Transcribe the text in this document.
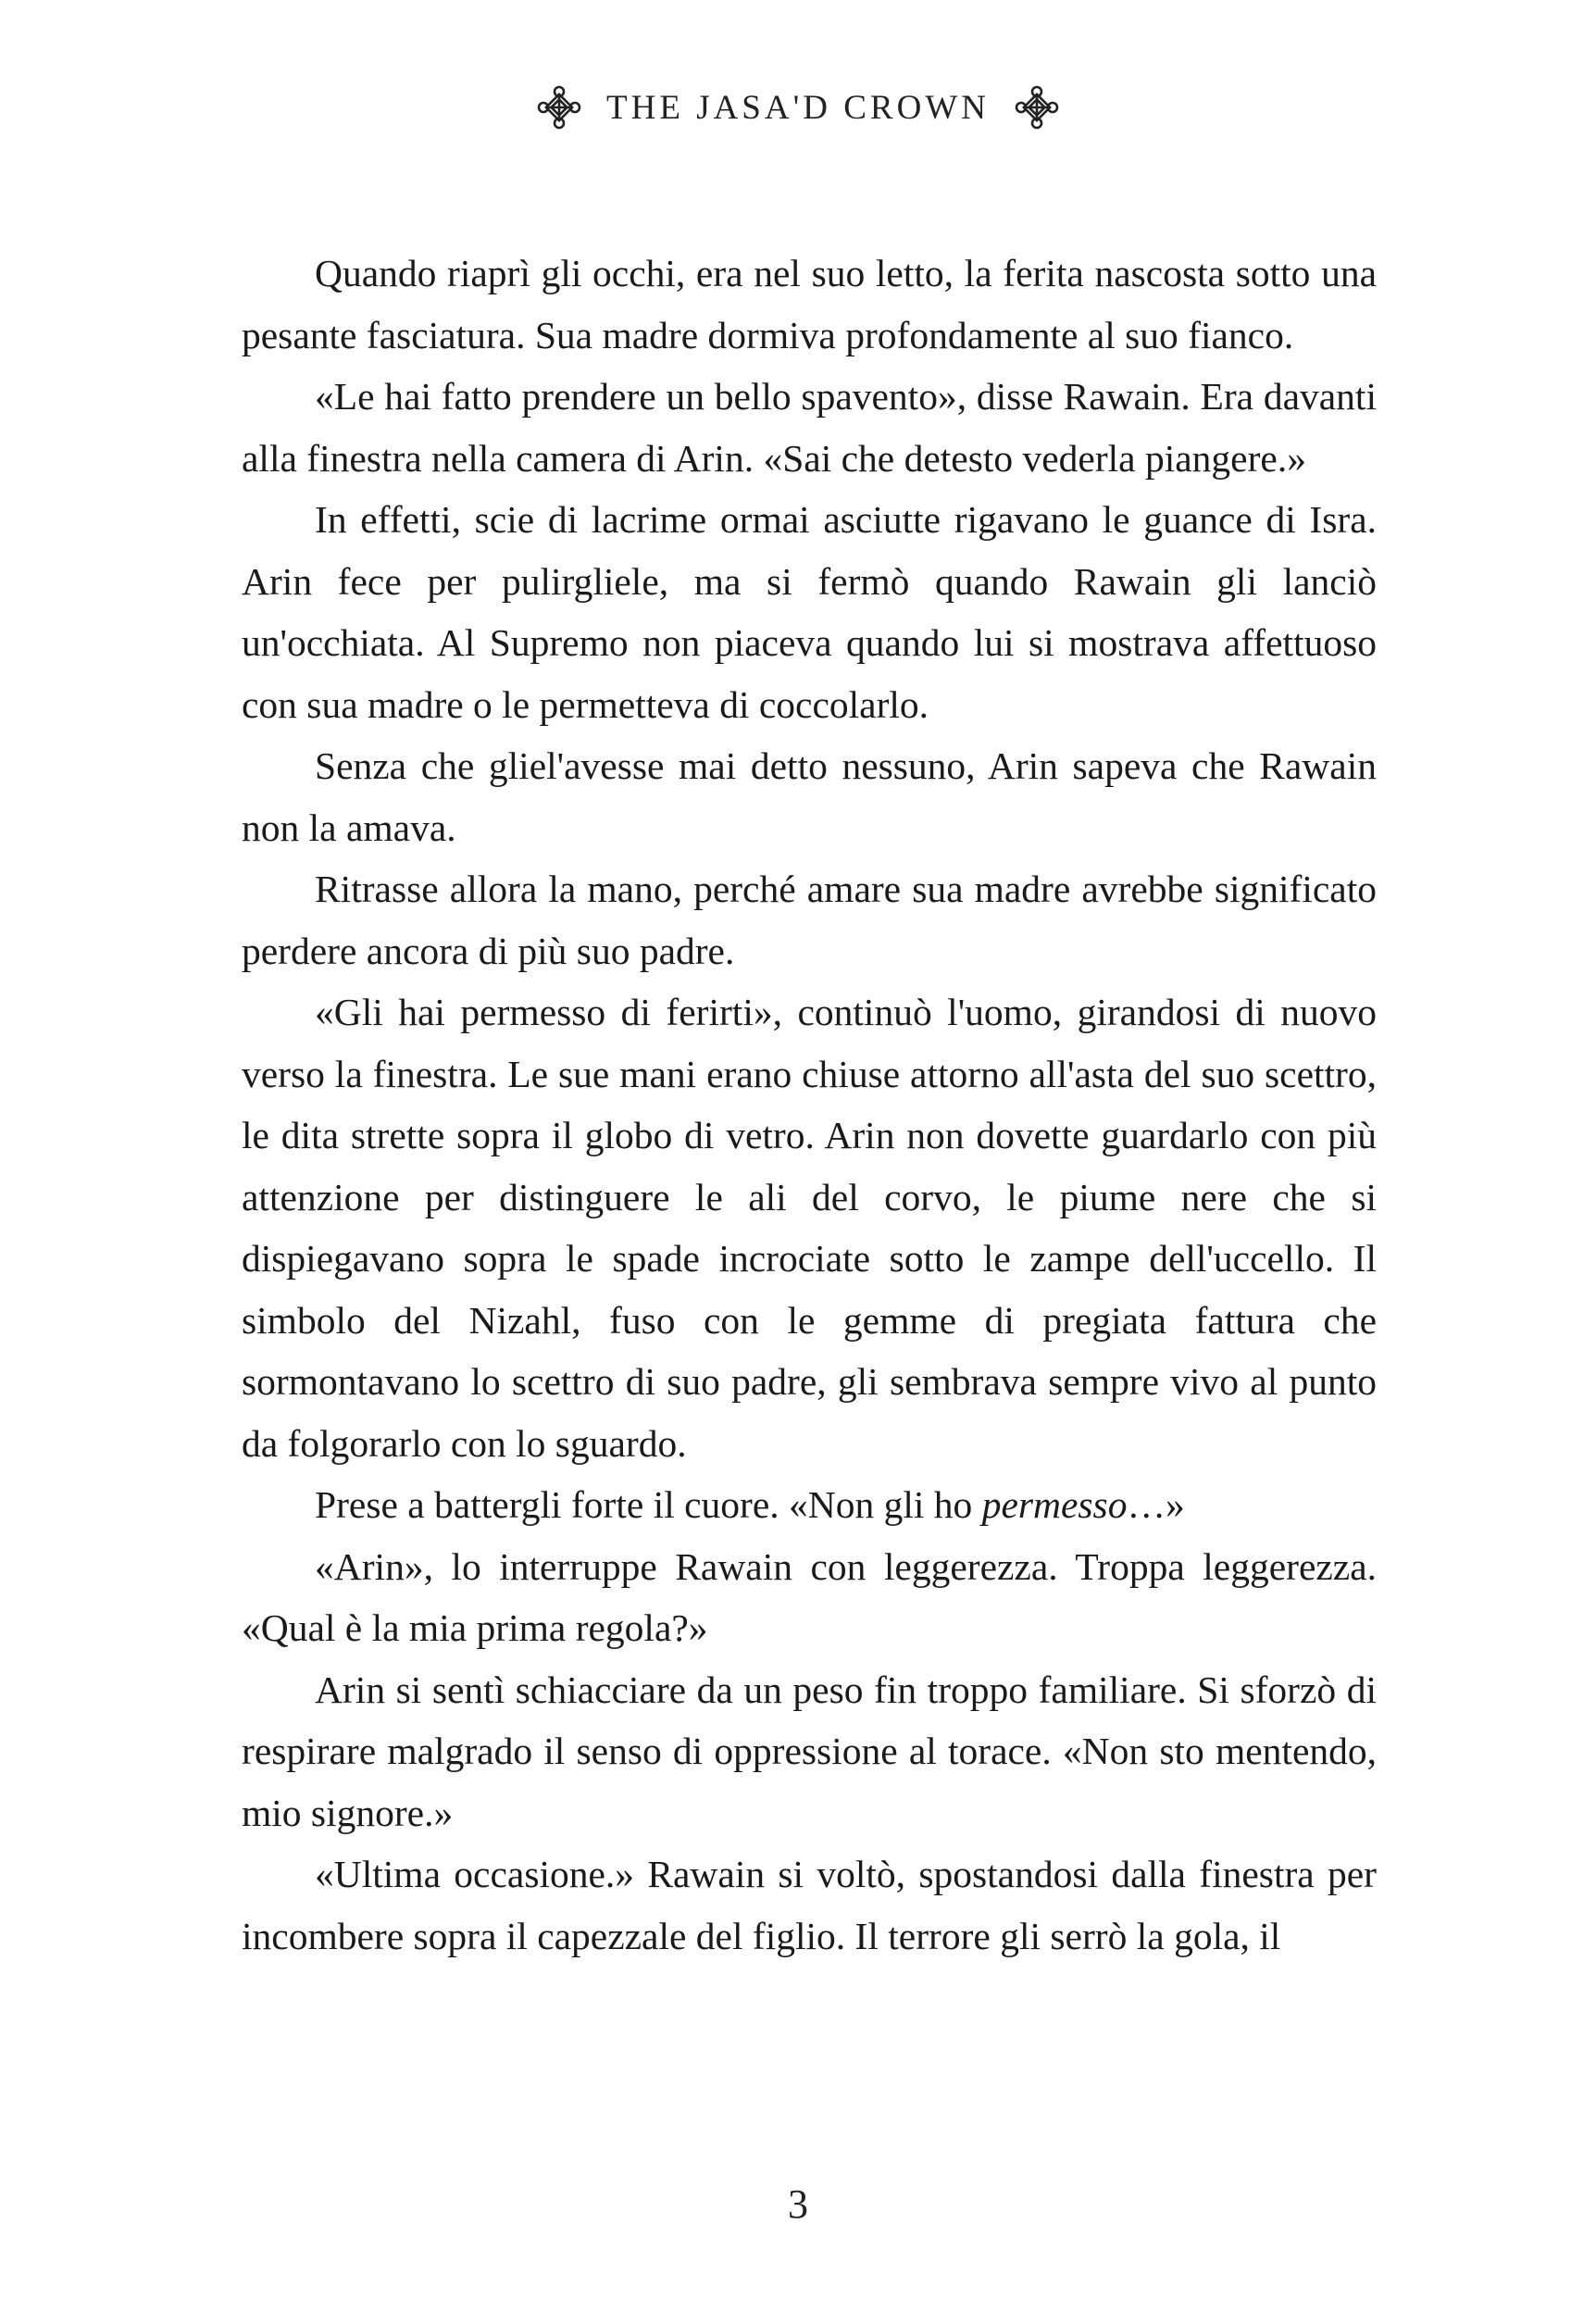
THE JASA'D CROWN

Quando riaprì gli occhi, era nel suo letto, la ferita nascosta sotto una pesante fasciatura. Sua madre dormiva profondamente al suo fianco.

«Le hai fatto prendere un bello spavento», disse Rawain. Era davanti alla finestra nella camera di Arin. «Sai che detesto vederla piangere.»

In effetti, scie di lacrime ormai asciutte rigavano le guance di Isra. Arin fece per pulirgliele, ma si fermò quando Rawain gli lanciò un'occhiata. Al Supremo non piaceva quando lui si mostrava affettuoso con sua madre o le permetteva di coccolarlo.

Senza che gliel'avesse mai detto nessuno, Arin sapeva che Rawain non la amava.

Ritrasse allora la mano, perché amare sua madre avrebbe significato perdere ancora di più suo padre.

«Gli hai permesso di ferirti», continuò l'uomo, girandosi di nuovo verso la finestra. Le sue mani erano chiuse attorno all'asta del suo scettro, le dita strette sopra il globo di vetro. Arin non dovette guardarlo con più attenzione per distinguere le ali del corvo, le piume nere che si dispiegavano sopra le spade incrociate sotto le zampe dell'uccello. Il simbolo del Nizahl, fuso con le gemme di pregiata fattura che sormontavano lo scettro di suo padre, gli sembrava sempre vivo al punto da folgorarlo con lo sguardo.

Prese a battergli forte il cuore. «Non gli ho permesso…»

«Arin», lo interruppe Rawain con leggerezza. Troppa leggerezza. «Qual è la mia prima regola?»

Arin si sentì schiacciare da un peso fin troppo familiare. Si sforzò di respirare malgrado il senso di oppressione al torace. «Non sto mentendo, mio signore.»

«Ultima occasione.» Rawain si voltò, spostandosi dalla finestra per incombere sopra il capezzale del figlio. Il terrore gli serrò la gola, il

3
